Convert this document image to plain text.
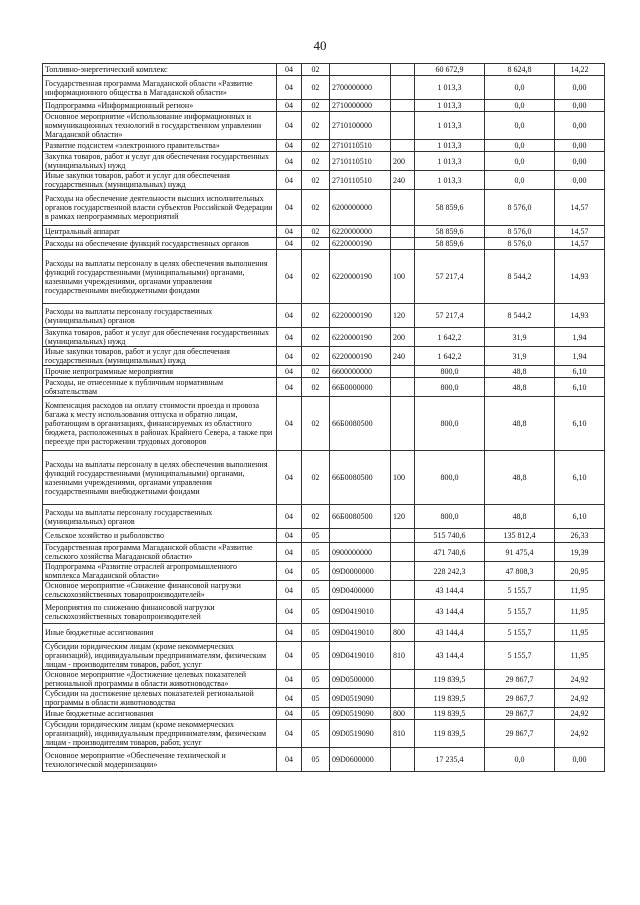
40
Топливно-энергетический комплекс	04	02			60 672,9	8 624,8	14,22
Государственная программа Магаданской области «Развитие информационного общества в Магаданской области»	04	02	2700000000		1 013,3	0,0	0,00
Подпрограмма «Информационный регион»	04	02	2710000000		1 013,3	0,0	0,00
Основное мероприятие «Использование информационных и коммуникационных технологий в государственном управлении Магаданской области»	04	02	2710100000		1 013,3	0,0	0,00
Развитие подсистем «электронного правительства»	04	02	2710110510		1 013,3	0,0	0,00
Закупка товаров, работ и услуг для обеспечения государственных (муниципальных) нужд	04	02	2710110510	200	1 013,3	0,0	0,00
Иные закупки товаров, работ и услуг для обеспечения государственных (муниципальных) нужд	04	02	2710110510	240	1 013,3	0,0	0,00
Расходы на обеспечение деятельности высших исполнительных органов государственной власти субъектов Российской Федерации в рамках непрограммных мероприятий	04	02	6200000000		58 859,6	8 576,0	14,57
Центральный аппарат	04	02	6220000000		58 859,6	8 576,0	14,57
Расходы на обеспечение функций государственных органов	04	02	6220000190		58 859,6	8 576,0	14,57
Расходы на выплаты персоналу в целях обеспечения выполнения функций государственными (муниципальными) органами, казенными учреждениями, органами управления государственными внебюджетными фондами	04	02	6220000190	100	57 217,4	8 544,2	14,93
Расходы на выплаты персоналу государственных (муниципальных) органов	04	02	6220000190	120	57 217,4	8 544,2	14,93
Закупка товаров, работ и услуг для обеспечения государственных (муниципальных) нужд	04	02	6220000190	200	1 642,2	31,9	1,94
Иные закупки товаров, работ и услуг для обеспечения государственных (муниципальных) нужд	04	02	6220000190	240	1 642,2	31,9	1,94
Прочие непрограммные мероприятия	04	02	6600000000		800,0	48,8	6,10
Расходы, не отнесенные к публичным нормативным обязательствам	04	02	66Б0000000		800,0	48,8	6,10
Компенсация расходов на оплату стоимости проезда и провоза багажа к месту использования отпуска и обратно лицам, работающим в организациях, финансируемых из областного бюджета, расположенных в районах Крайнего Севера, а также при переезде при расторжении трудовых договоров	04	02	66Б0080500		800,0	48,8	6,10
Расходы на выплаты персоналу в целях обеспечения выполнения функций государственными (муниципальными) органами, казенными учреждениями, органами управления государственными внебюджетными фондами	04	02	66Б0080500	100	800,0	48,8	6,10
Расходы на выплаты персоналу государственных (муниципальных) органов	04	02	66Б0080500	120	800,0	48,8	6,10
Сельское хозяйство и рыболовство	04	05			515 740,6	135 812,4	26,33
Государственная программа Магаданской области «Развитие сельского хозяйства Магаданской области»	04	05	0900000000		471 740,6	91 475,4	19,39
Подпрограмма «Развитие отраслей агропромышленного комплекса Магаданской области»	04	05	09D0000000		228 242,3	47 808,3	20,95
Основное мероприятие «Снижение финансовой нагрузки сельскохозяйственных товаропроизводителей»	04	05	09D0400000		43 144,4	5 155,7	11,95
Мероприятия по снижению финансовой нагрузки сельскохозяйственных товаропроизводителей	04	05	09D0419010		43 144,4	5 155,7	11,95
Иные бюджетные ассигнования	04	05	09D0419010	800	43 144,4	5 155,7	11,95
Субсидии юридическим лицам (кроме некоммерческих организаций), индивидуальным предпринимателям, физическим лицам - производителям товаров, работ, услуг	04	05	09D0419010	810	43 144,4	5 155,7	11,95
Основное мероприятие «Достижение целевых показателей региональной программы в области животноводства»	04	05	09D0500000		119 839,5	29 867,7	24,92
Субсидии на достижение целевых показателей региональной программы в области животноводства	04	05	09D0519090		119 839,5	29 867,7	24,92
Иные бюджетные ассигнования	04	05	09D0519090	800	119 839,5	29 867,7	24,92
Субсидии юридическим лицам (кроме некоммерческих организаций), индивидуальным предпринимателям, физическим лицам - производителям товаров, работ, услуг	04	05	09D0519090	810	119 839,5	29 867,7	24,92
Основное мероприятие «Обеспечение технической и технологической модернизации»	04	05	09D0600000		17 235,4	0,0	0,00
